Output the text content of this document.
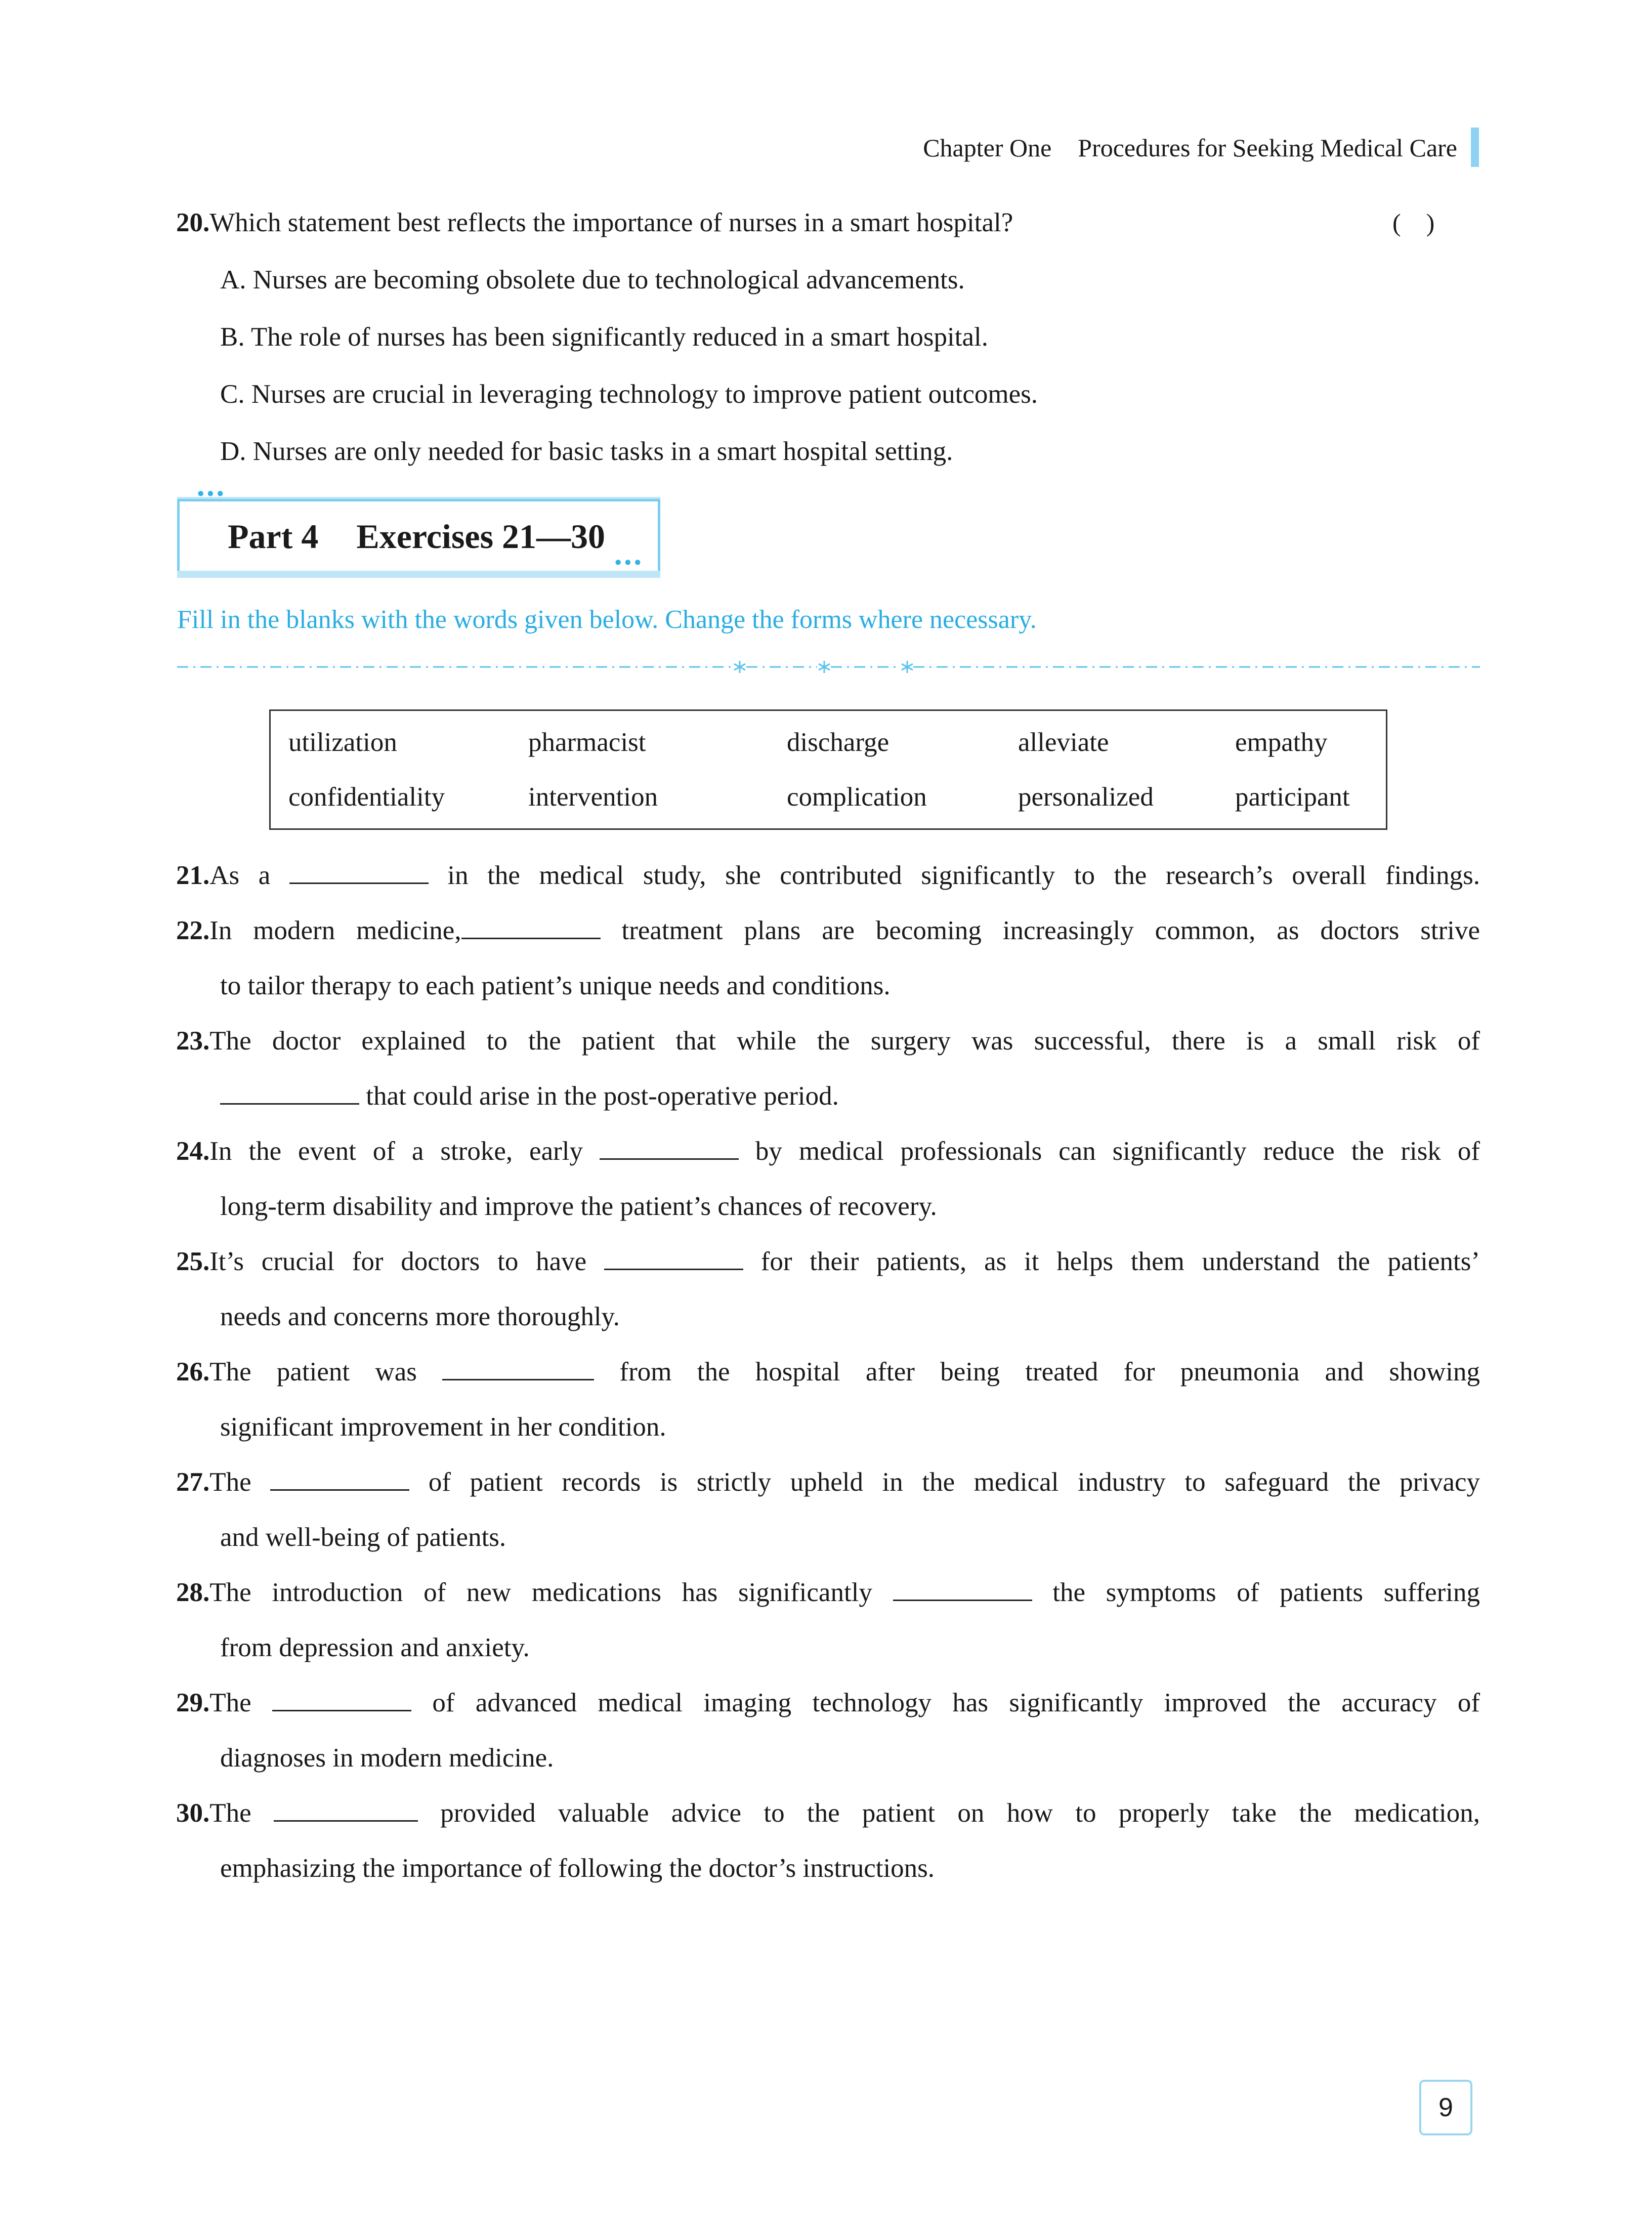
Chapter One Procedures for Seeking Medical Care
20.Which statement best reflects the importance of nurses in a smart hospital?	(    )
A. Nurses are becoming obsolete due to technological advancements.
B. The role of nurses has been significantly reduced in a smart hospital.
C. Nurses are crucial in leveraging technology to improve patient outcomes.
D. Nurses are only needed for basic tasks in a smart hospital setting.
•••
•••
Part 4 Exercises 21—30
Fill in the blanks with the words given below. Change the forms where necessary.
utilization	pharmacist	discharge	alleviate	empathy
confidentiality	intervention	complication	personalized	participant
21.As a	in the medical study, she contributed significantly to the research’s overall findings.
22.In modern medicine,	treatment plans are becoming increasingly common, as doctors strive
to tailor therapy to each patient’s unique needs and conditions.
23.The doctor explained to the patient that while the surgery was successful, there is a small risk of
that could arise in the post-operative period.
24.In the event of a stroke, early	by medical professionals can significantly reduce the risk of
long-term disability and improve the patient’s chances of recovery.
25.It’s crucial for doctors to have	for their patients, as it helps them understand the patients’
needs and concerns more thoroughly.
26.The patient was	from the hospital after being treated for pneumonia and showing
significant improvement in her condition.
27.The	of patient records is strictly upheld in the medical industry to safeguard the privacy
and well-being of patients.
28.The introduction of new medications has significantly	the symptoms of patients suffering
from depression and anxiety.
29.The	of advanced medical imaging technology has significantly improved the accuracy of
diagnoses in modern medicine.
30.The	provided valuable advice to the patient on how to properly take the medication,
emphasizing the importance of following the doctor’s instructions.
9
